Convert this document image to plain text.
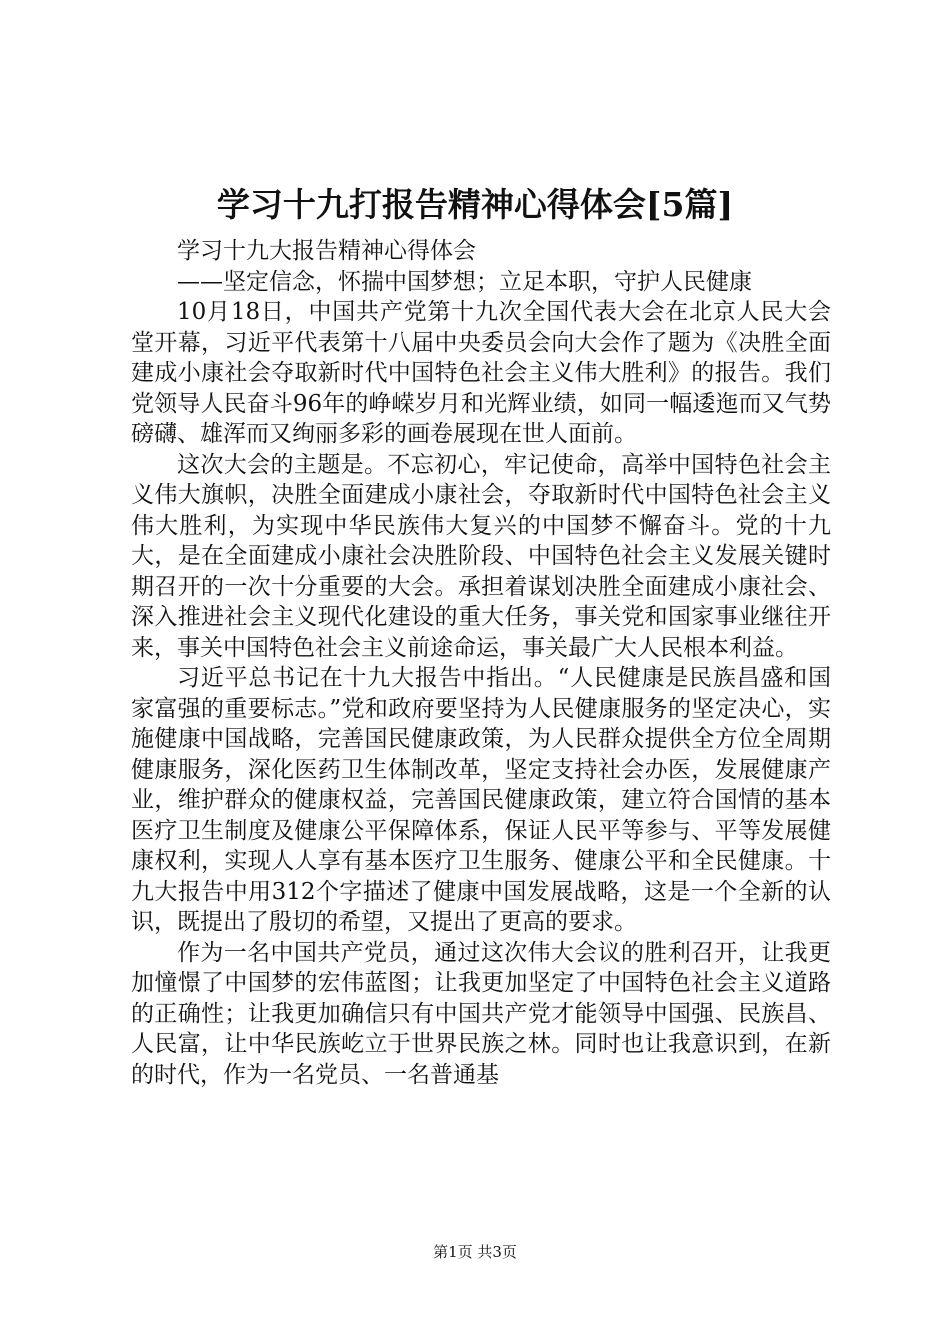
学习十九打报告精神心得体会[5篇]

学习十九大报告精神心得体会

——坚定信念，怀揣中国梦想；立足本职，守护人民健康

10月18日，中国共产党第十九次全国代表大会在北京人民大会堂开幕，习近平代表第十八届中央委员会向大会作了题为《决胜全面建成小康社会夺取新时代中国特色社会主义伟大胜利》的报告。我们党领导人民奋斗96年的峥嵘岁月和光辉业绩，如同一幅逶迤而又气势磅礴、雄浑而又绚丽多彩的画卷展现在世人面前。

这次大会的主题是。不忘初心，牢记使命，高举中国特色社会主义伟大旗帜，决胜全面建成小康社会，夺取新时代中国特色社会主义伟大胜利，为实现中华民族伟大复兴的中国梦不懈奋斗。党的十九大，是在全面建成小康社会决胜阶段、中国特色社会主义发展关键时期召开的一次十分重要的大会。承担着谋划决胜全面建成小康社会、深入推进社会主义现代化建设的重大任务，事关党和国家事业继往开来，事关中国特色社会主义前途命运，事关最广大人民根本利益。

习近平总书记在十九大报告中指出。“人民健康是民族昌盛和国家富强的重要标志。”党和政府要坚持为人民健康服务的坚定决心，实施健康中国战略，完善国民健康政策，为人民群众提供全方位全周期健康服务，深化医药卫生体制改革，坚定支持社会办医，发展健康产业，维护群众的健康权益，完善国民健康政策，建立符合国情的基本医疗卫生制度及健康公平保障体系，保证人民平等参与、平等发展健康权利，实现人人享有基本医疗卫生服务、健康公平和全民健康。十九大报告中用312个字描述了健康中国发展战略，这是一个全新的认识，既提出了殷切的希望，又提出了更高的要求。

作为一名中国共产党员，通过这次伟大会议的胜利召开，让我更加憧憬了中国梦的宏伟蓝图；让我更加坚定了中国特色社会主义道路的正确性；让我更加确信只有中国共产党才能领导中国强、民族昌、人民富，让中华民族屹立于世界民族之林。同时也让我意识到，在新的时代，作为一名党员、一名普通基

第1页 共3页
